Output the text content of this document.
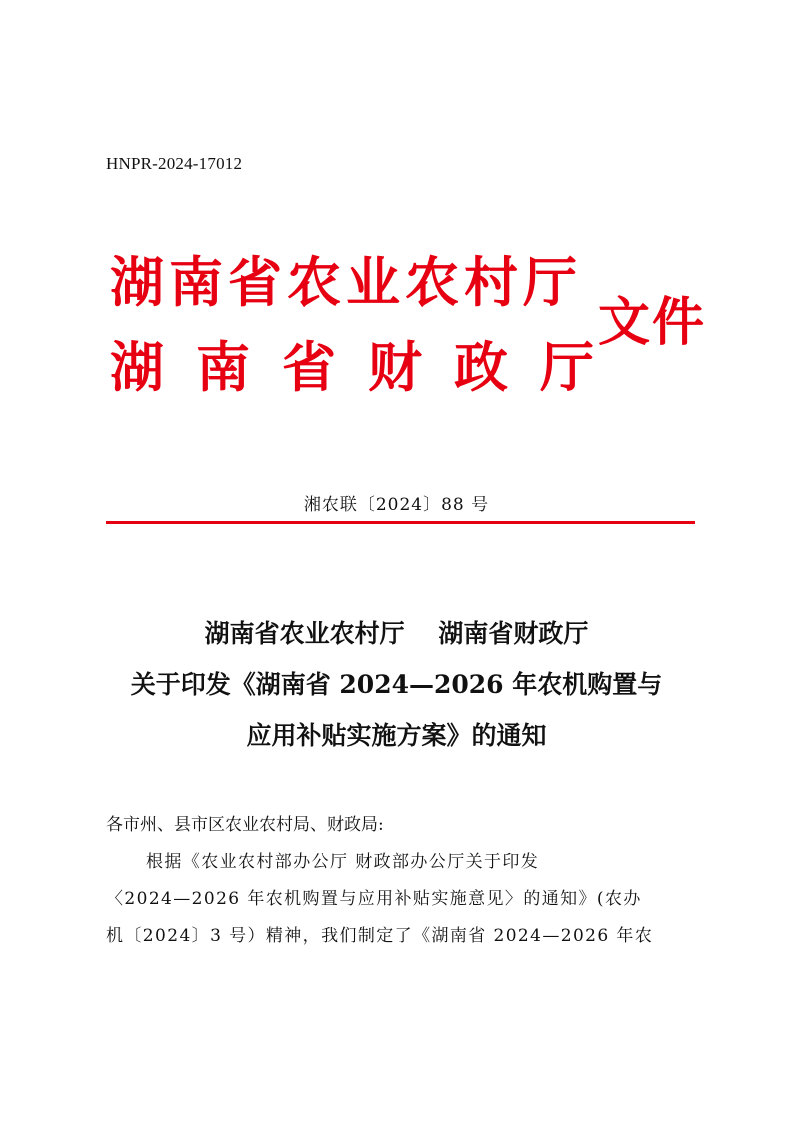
HNPR-2024-17012
湖 南 省 农 业 农 村 厅
湖 南 省 财 政 厅
文件
湘农联〔2024〕88 号
湖南省农业农村厅　 湖南省财政厅
关于印发《湖南省 2024—2026 年农机购置与
应用补贴实施方案》的通知
各市州、县市区农业农村局、财政局:
根据《农业农村部办公厅 财政部办公厅关于印发
〈2024—2026 年农机购置与应用补贴实施意见〉的通知》(农办
机〔2024〕3 号）精神，我们制定了《湖南省 2024—2026 年农
